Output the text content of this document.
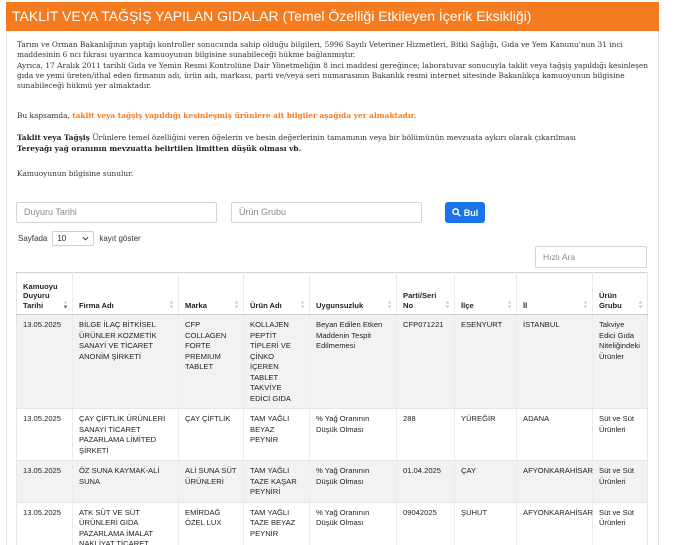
TAKLİT VEYA TAĞŞİŞ YAPILAN GIDALAR (Temel Özelliği Etkileyen İçerik Eksikliği)

Tarım ve Orman Bakanlığının yaptığı kontroller sonucunda sahip olduğu bilgileri, 5996 Sayılı Veteriner Hizmetleri, Bitki Sağlığı, Gıda ve Yem Kanunu'nun 31 inci maddesinin 6 ncı fıkrası uyarınca kamuoyunun bilgisine sunabileceği hükme bağlanmıştır.

Ayrıca, 17 Aralık 2011 tarihli Gıda ve Yemin Resmi Kontrolüne Dair Yönetmeliğin 8 inci maddesi gereğince; laboratuvar sonucuyla taklit veya tağşiş yapıldığı kesinleşen gıda ve yemi üreten/ithal eden firmanın adı, ürün adı, markası, parti ve/veya seri numarasının Bakanlık resmi internet sitesinde Bakanlıkça kamuoyunun bilgisine sunabileceği hükmü yer almaktadır.

Bu kapsamda, taklit veya tağşiş yapıldığı kesinleşmiş ürünlere ait bilgiler aşağıda yer almaktadır.
Taklit veya Tağşiş Ürünlere temel özelliğini veren öğelerin ve besin değerlerinin tamamının veya bir bölümünün mevzuata aykırı olarak çıkarılması
Tereyağı yağ oranının mevzuatta belirtilen limitten düşük olması vb.
Kamuoyunun bilgisine sunulur.
Duyuru Tarihi	Ürün Grubu	Bul
Sayfada 10	kayıt göster
Hızlı Ara
Kamuoyu Duyuru Tarihi	Firma Adı	Marka	Ürün Adı	Uygunsuzluk	Parti/Seri No	İlçe	İl	Ürün Grubu

13.05.2025	BİLGE İLAÇ BİTKİSEL ÜRÜNLER KOZMETİK SANAYİ VE TİCARET ANONİM ŞİRKETİ	CFP COLLAGEN FORTE PREMIUM TABLET	KOLLAJEN PEPTİT TİPLERİ VE ÇİNKO İÇEREN TABLET TAKVİYE EDİCİ GIDA	Beyan Edilen Etken Maddenin Tespit Edilmemesi	CFP071221	ESENYURT	İSTANBUL	Takviye Edici Gıda Niteliğindeki Ürünler
13.05.2025	ÇAY ÇİFTLİK ÜRÜNLERİ SANAYİ TİCARET PAZARLAMA LİMİTED ŞİRKETİ	ÇAY ÇİFTLİK	TAM YAĞLI BEYAZ PEYNİR	% Yağ Oranının Düşük Olması	288	YÜREĞİR	ADANA	Süt ve Süt Ürünleri
13.05.2025	ÖZ SUNA KAYMAK-ALİ SUNA	ALİ SUNA SÜT ÜRÜNLERİ	TAM YAĞLI TAZE KAŞAR PEYNİRİ	% Yağ Oranının Düşük Olması	01.04.2025	ÇAY	AFYONKARAHİSAR	Süt ve Süt Ürünleri
13.05.2025	ATK SÜT VE SÜT ÜRÜNLERİ GIDA PAZARLAMA İMALAT NAKLİYAT TİCARET	EMİRDAĞ ÖZEL LUX	TAM YAĞLI TAZE BEYAZ PEYNİR	% Yağ Oranının Düşük Olması	09042025	ŞUHUT	AFYONKARAHİSAR	Süt ve Süt Ürünleri
